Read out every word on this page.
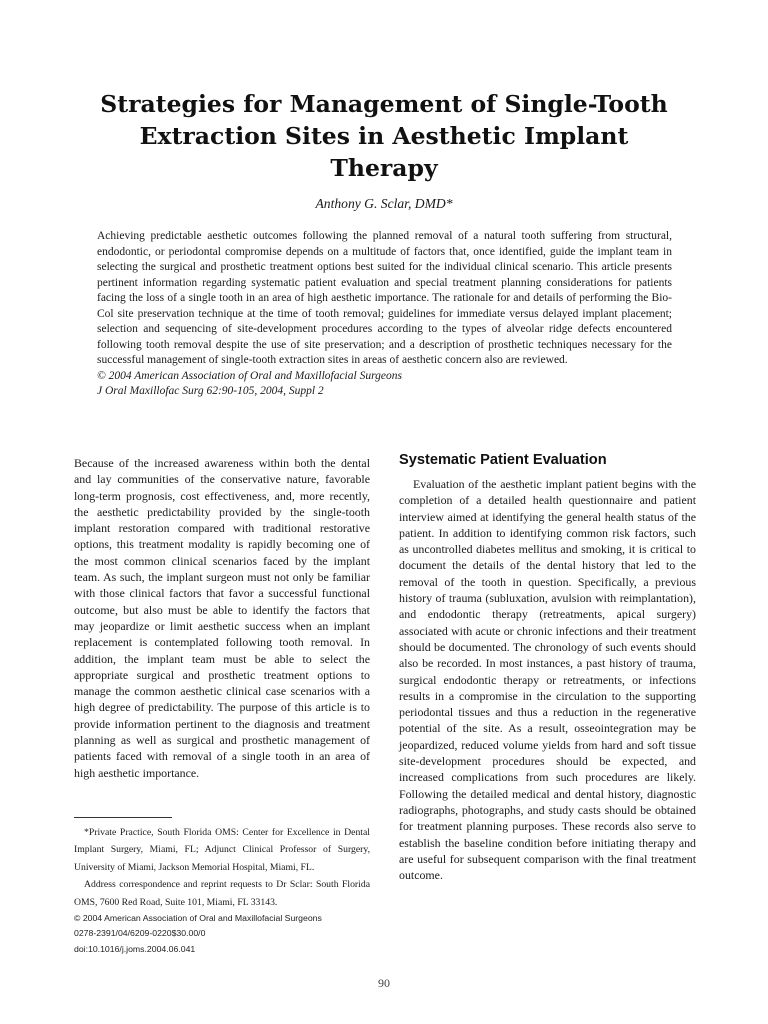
Strategies for Management of Single-Tooth Extraction Sites in Aesthetic Implant Therapy

Anthony G. Sclar, DMD*

Achieving predictable aesthetic outcomes following the planned removal of a natural tooth suffering from structural, endodontic, or periodontal compromise depends on a multitude of factors that, once identified, guide the implant team in selecting the surgical and prosthetic treatment options best suited for the individual clinical scenario. This article presents pertinent information regarding systematic patient evaluation and special treatment planning considerations for patients facing the loss of a single tooth in an area of high aesthetic importance. The rationale for and details of performing the Bio-Col site preservation technique at the time of tooth removal; guidelines for immediate versus delayed implant placement; selection and sequencing of site-development procedures according to the types of alveolar ridge defects encountered following tooth removal despite the use of site preservation; and a description of prosthetic techniques necessary for the successful management of single-tooth extraction sites in areas of aesthetic concern also are reviewed.

© 2004 American Association of Oral and Maxillofacial Surgeons

J Oral Maxillofac Surg 62:90-105, 2004, Suppl 2

Because of the increased awareness within both the dental and lay communities of the conservative nature, favorable long-term prognosis, cost effectiveness, and, more recently, the aesthetic predictability provided by the single-tooth implant restoration compared with traditional restorative options, this treatment modality is rapidly becoming one of the most common clinical scenarios faced by the implant team. As such, the implant surgeon must not only be familiar with those clinical factors that favor a successful functional outcome, but also must be able to identify the factors that may jeopardize or limit aesthetic success when an implant replacement is contemplated following tooth removal. In addition, the implant team must be able to select the appropriate surgical and prosthetic treatment options to manage the common aesthetic clinical case scenarios with a high degree of predictability. The purpose of this article is to provide information pertinent to the diagnosis and treatment planning as well as surgical and prosthetic management of patients faced with removal of a single tooth in an area of high aesthetic importance.

*Private Practice, South Florida OMS: Center for Excellence in Dental Implant Surgery, Miami, FL; Adjunct Clinical Professor of Surgery, University of Miami, Jackson Memorial Hospital, Miami, FL.

Address correspondence and reprint requests to Dr Sclar: South Florida OMS, 7600 Red Road, Suite 101, Miami, FL 33143.

© 2004 American Association of Oral and Maxillofacial Surgeons

0278-2391/04/6209-0220$30.00/0

doi:10.1016/j.joms.2004.06.041

Systematic Patient Evaluation

Evaluation of the aesthetic implant patient begins with the completion of a detailed health questionnaire and patient interview aimed at identifying the general health status of the patient. In addition to identifying common risk factors, such as uncontrolled diabetes mellitus and smoking, it is critical to document the details of the dental history that led to the removal of the tooth in question. Specifically, a previous history of trauma (subluxation, avulsion with reimplantation), and endodontic therapy (retreatments, apical surgery) associated with acute or chronic infections and their treatment should be documented. The chronology of such events should also be recorded. In most instances, a past history of trauma, surgical endodontic therapy or retreatments, or infections results in a compromise in the circulation to the supporting periodontal tissues and thus a reduction in the regenerative potential of the site. As a result, osseointegration may be jeopardized, reduced volume yields from hard and soft tissue site-development procedures should be expected, and increased complications from such procedures are likely. Following the detailed medical and dental history, diagnostic radiographs, photographs, and study casts should be obtained for treatment planning purposes. These records also serve to establish the baseline condition before initiating therapy and are useful for subsequent comparison with the final treatment outcome.

90
